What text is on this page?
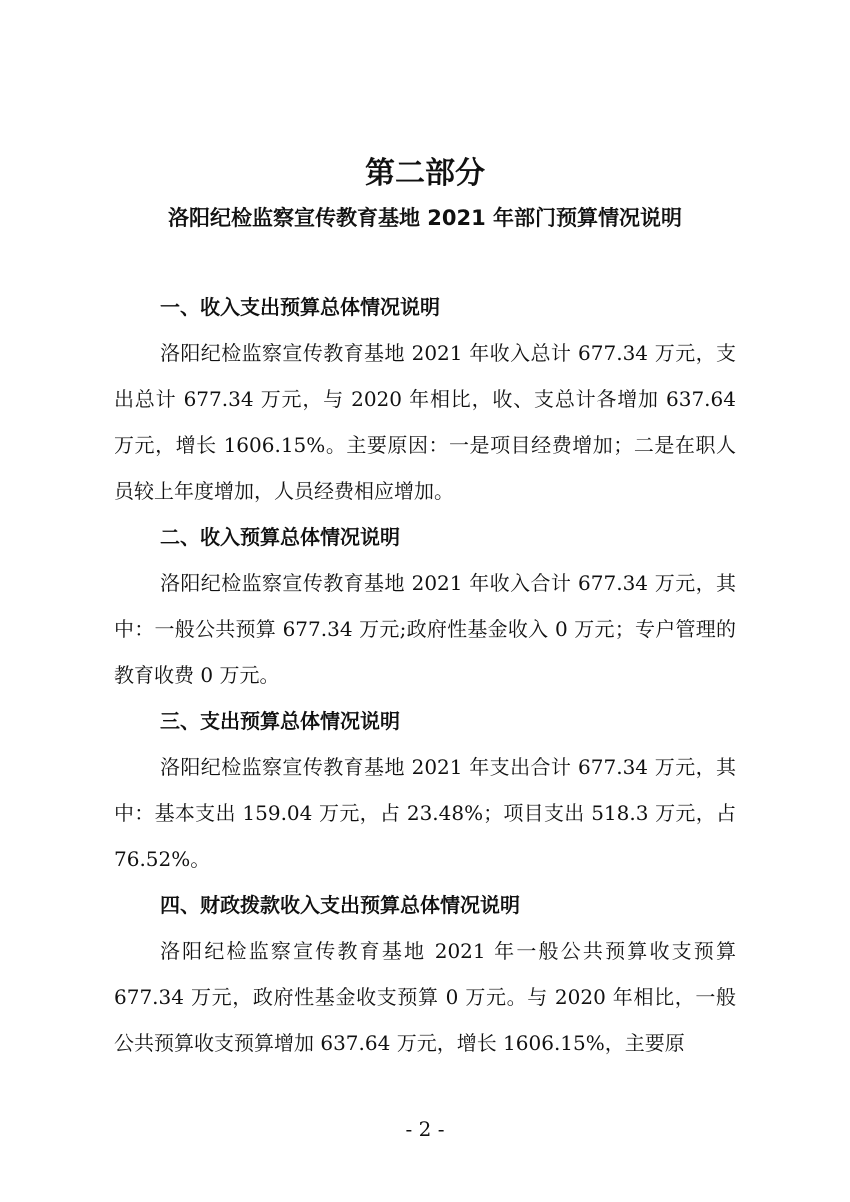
第二部分
洛阳纪检监察宣传教育基地 2021 年部门预算情况说明

一、收入支出预算总体情况说明

洛阳纪检监察宣传教育基地 2021 年收入总计 677.34 万元，支出总计 677.34 万元，与 2020 年相比，收、支总计各增加 637.64 万元，增长 1606.15%。主要原因：一是项目经费增加；二是在职人员较上年度增加，人员经费相应增加。

二、收入预算总体情况说明

洛阳纪检监察宣传教育基地 2021 年收入合计 677.34 万元，其中：一般公共预算 677.34 万元;政府性基金收入 0 万元；专户管理的教育收费 0 万元。

三、支出预算总体情况说明

洛阳纪检监察宣传教育基地 2021 年支出合计 677.34 万元，其中：基本支出 159.04 万元，占 23.48%；项目支出 518.3 万元，占 76.52%。

四、财政拨款收入支出预算总体情况说明

洛阳纪检监察宣传教育基地 2021 年一般公共预算收支预算 677.34 万元，政府性基金收支预算 0 万元。与 2020 年相比，一般公共预算收支预算增加 637.64 万元，增长 1606.15%，主要原

- 2 -
